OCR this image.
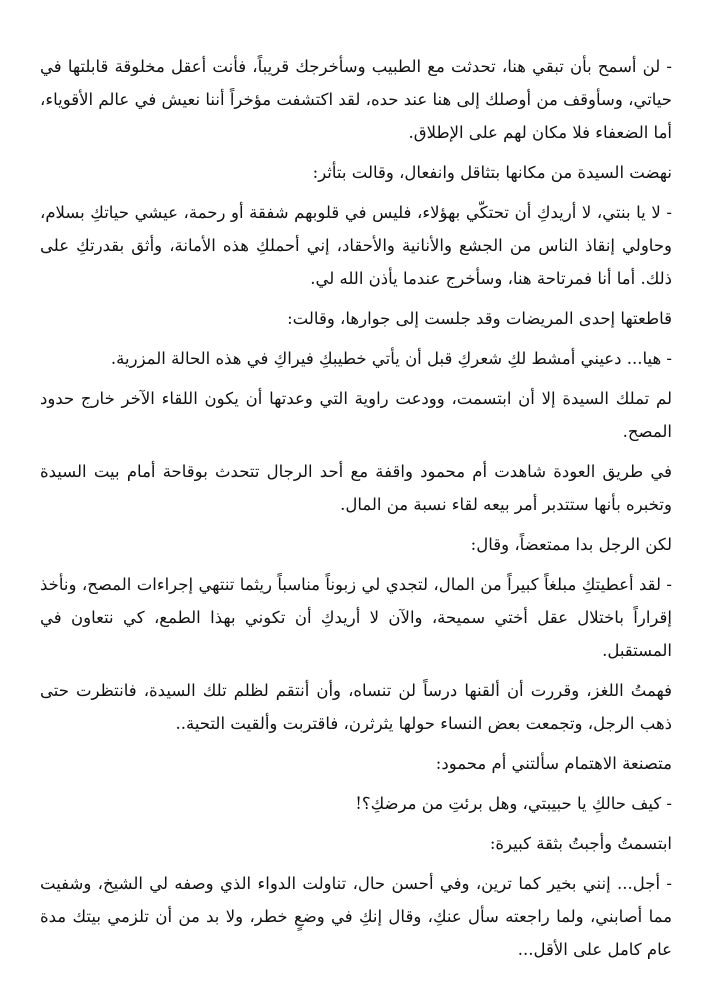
- لن أسمح بأن تبقي هنا، تحدثت مع الطبيب وسأخرجك قريباً، فأنت أعقل مخلوقة قابلتها في حياتي، وسأوقف من أوصلك إلى هنا عند حده، لقد اكتشفت مؤخراً أننا نعيش في عالم الأقوياء، أما الضعفاء فلا مكان لهم على الإطلاق.

نهضت السيدة من مكانها بتثاقل وانفعال، وقالت بتأثر:

- لا يا بنتي، لا أريدكِ أن تحتكّي بهؤلاء، فليس في قلوبهم شفقة أو رحمة، عيشي حياتكِ بسلام، وحاولي إنقاذ الناس من الجشع والأنانية والأحقاد، إني أحملكِ هذه الأمانة، وأثق بقدرتكِ على ذلك. أما أنا فمرتاحة هنا، وسأخرج عندما يأذن الله لي.

قاطعتها إحدى المريضات وقد جلست إلى جوارها، وقالت:

- هيا... دعيني أمشط لكِ شعركِ قبل أن يأتي خطيبكِ فيراكِ في هذه الحالة المزرية.

لم تملك السيدة إلا أن ابتسمت، وودعت راوية التي وعدتها أن يكون اللقاء الآخر خارج حدود المصح.

في طريق العودة شاهدت أم محمود واقفة مع أحد الرجال تتحدث بوقاحة أمام بيت السيدة وتخبره بأنها ستتدبر أمر بيعه لقاء نسبة من المال.

لكن الرجل بدا ممتعضاً، وقال:

- لقد أعطيتكِ مبلغاً كبيراً من المال، لتجدي لي زبوناً مناسباً ريثما تنتهي إجراءات المصح، ونأخذ إقراراً باختلال عقل أختي سميحة، والآن لا أريدكِ أن تكوني بهذا الطمع، كي نتعاون في المستقبل.

فهمتُ اللغز، وقررت أن ألقنها درساً لن تنساه، وأن أنتقم لظلم تلك السيدة، فانتظرت حتى ذهب الرجل، وتجمعت بعض النساء حولها يثرثرن، فاقتربت وألقيت التحية..

متصنعة الاهتمام سألتني أم محمود:

- كيف حالكِ يا حبيبتي، وهل برئتِ من مرضكِ؟!

ابتسمتُ وأجبتُ بثقة كبيرة:

- أجل... إنني بخير كما ترين، وفي أحسن حال، تناولت الدواء الذي وصفه لي الشيخ، وشفيت مما أصابني، ولما راجعته سأل عنكِ، وقال إنكِ في وضعٍ خطر، ولا بد من أن تلزمي بيتك مدة عام كامل على الأقل...
